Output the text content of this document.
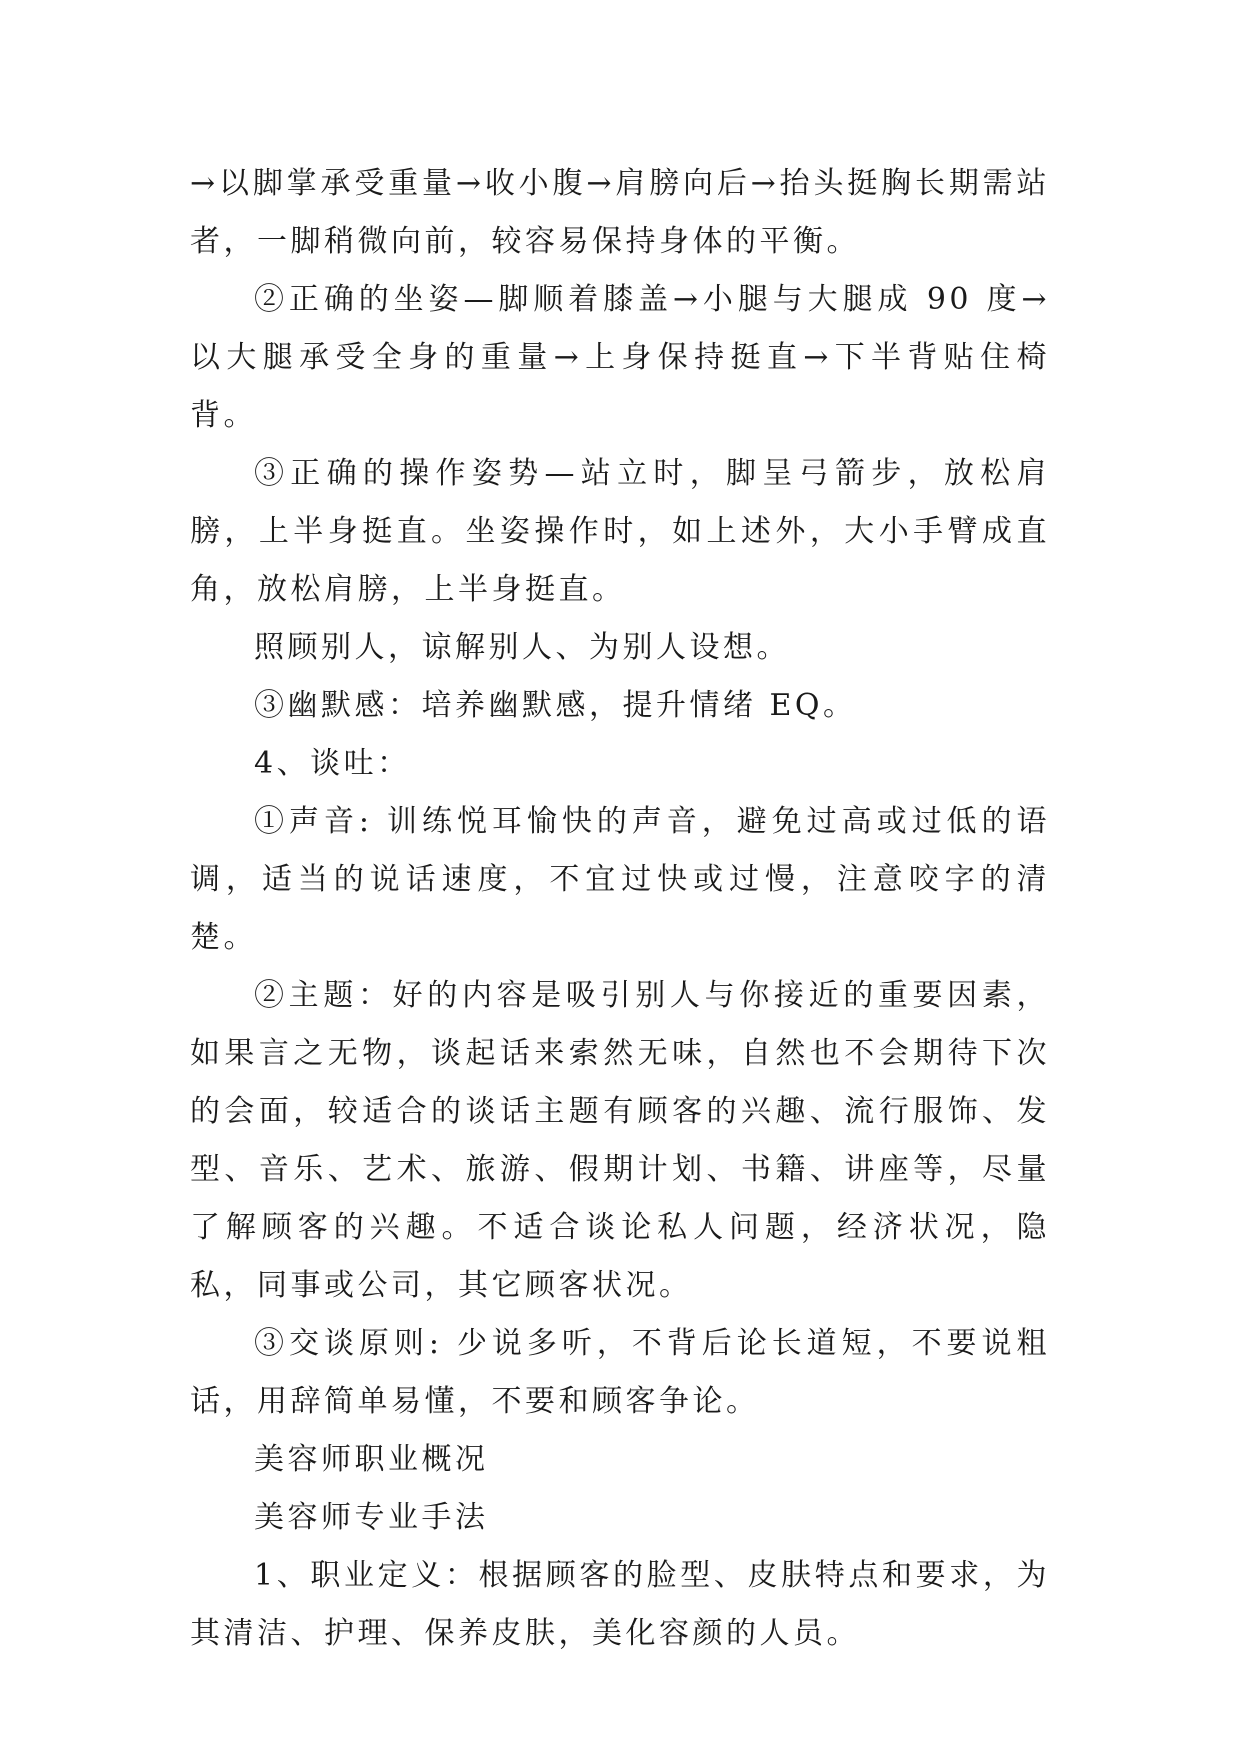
→以脚掌承受重量→收小腹→肩膀向后→抬头挺胸长期需站者，一脚稍微向前，较容易保持身体的平衡。

②正确的坐姿—脚顺着膝盖→小腿与大腿成 90 度→以大腿承受全身的重量→上身保持挺直→下半背贴住椅背。

③正确的操作姿势—站立时，脚呈弓箭步，放松肩膀，上半身挺直。坐姿操作时，如上述外，大小手臂成直角，放松肩膀，上半身挺直。

照顾别人，谅解别人、为别人设想。

③幽默感：培养幽默感，提升情绪 EQ。

4、谈吐：

①声音: 训练悦耳愉快的声音，避免过高或过低的语调，适当的说话速度，不宜过快或过慢，注意咬字的清楚。

②主题：好的内容是吸引别人与你接近的重要因素，如果言之无物，谈起话来索然无味，自然也不会期待下次的会面，较适合的谈话主题有顾客的兴趣、流行服饰、发型、音乐、艺术、旅游、假期计划、书籍、讲座等，尽量了解顾客的兴趣。不适合谈论私人问题，经济状况，隐私，同事或公司，其它顾客状况。

③交谈原则: 少说多听，不背后论长道短，不要说粗话，用辞简单易懂，不要和顾客争论。

美容师职业概况

美容师专业手法

1、职业定义：根据顾客的脸型、皮肤特点和要求，为其清洁、护理、保养皮肤，美化容颜的人员。
